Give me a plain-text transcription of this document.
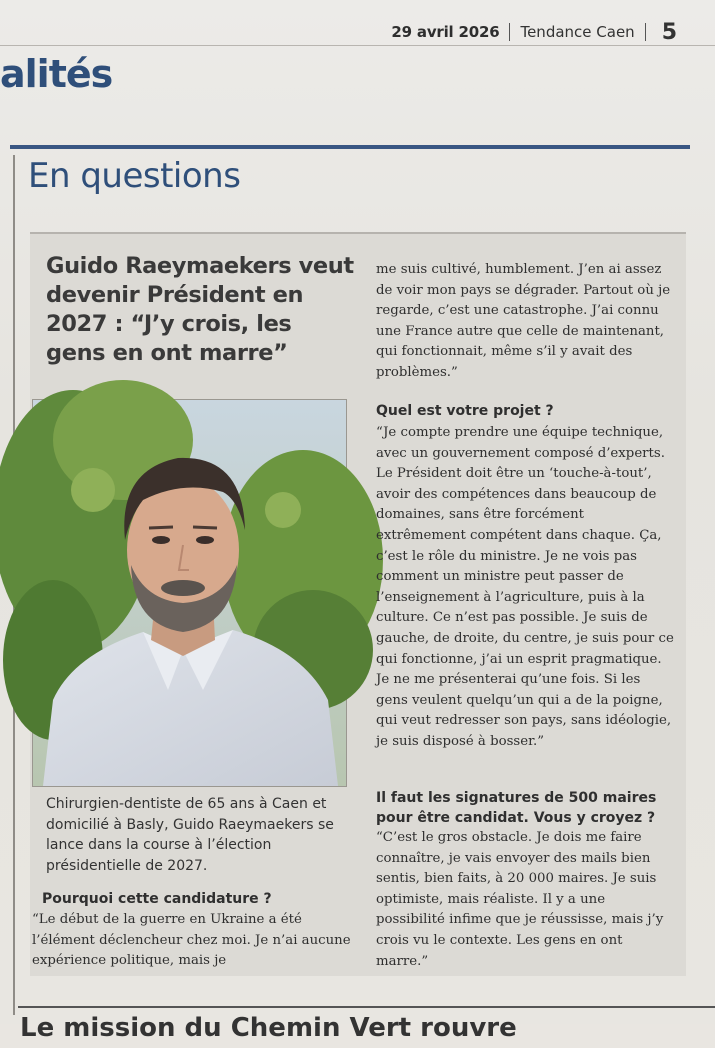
29 avril 2026 Tendance Caen 5
alités
En questions
Guido Raeymaekers veut devenir Président en 2027 : “J’y crois, les gens en ont marre”
Chirurgien-dentiste de 65 ans à Caen et domicilié à Basly, Guido Raeymaekers se lance dans la course à l’élection présidentielle de 2027.
Pourquoi cette candidature ?
“Le début de la guerre en Ukraine a été l’élément déclencheur chez moi. Je n’ai aucune expérience politique, mais je
me suis cultivé, humblement. J’en ai assez de voir mon pays se dégrader. Partout où je regarde, c’est une catastrophe. J’ai connu une France autre que celle de maintenant, qui fonctionnait, même s’il y avait des problèmes.”
Quel est votre projet ?
“Je compte prendre une équipe technique, avec un gouvernement composé d’experts. Le Président doit être un ‘touche-à-tout’, avoir des compétences dans beaucoup de domaines, sans être forcément extrêmement compétent dans chaque. Ça, c’est le rôle du ministre. Je ne vois pas comment un ministre peut passer de l’enseignement à l’agriculture, puis à la culture. Ce n’est pas possible. Je suis de gauche, de droite, du centre, je suis pour ce qui fonctionne, j’ai un esprit pragmatique. Je ne me présenterai qu’une fois. Si les gens veulent quelqu’un qui a de la poigne, qui veut redresser son pays, sans idéologie, je suis disposé à bosser.”
Il faut les signatures de 500 maires pour être candidat. Vous y croyez ?
“C’est le gros obstacle. Je dois me faire connaître, je vais envoyer des mails bien sentis, bien faits, à 20 000 maires. Je suis optimiste, mais réaliste. Il y a une possibilité infime que je réussisse, mais j’y crois vu le contexte. Les gens en ont marre.”
Le mission du Chemin Vert rouvre
